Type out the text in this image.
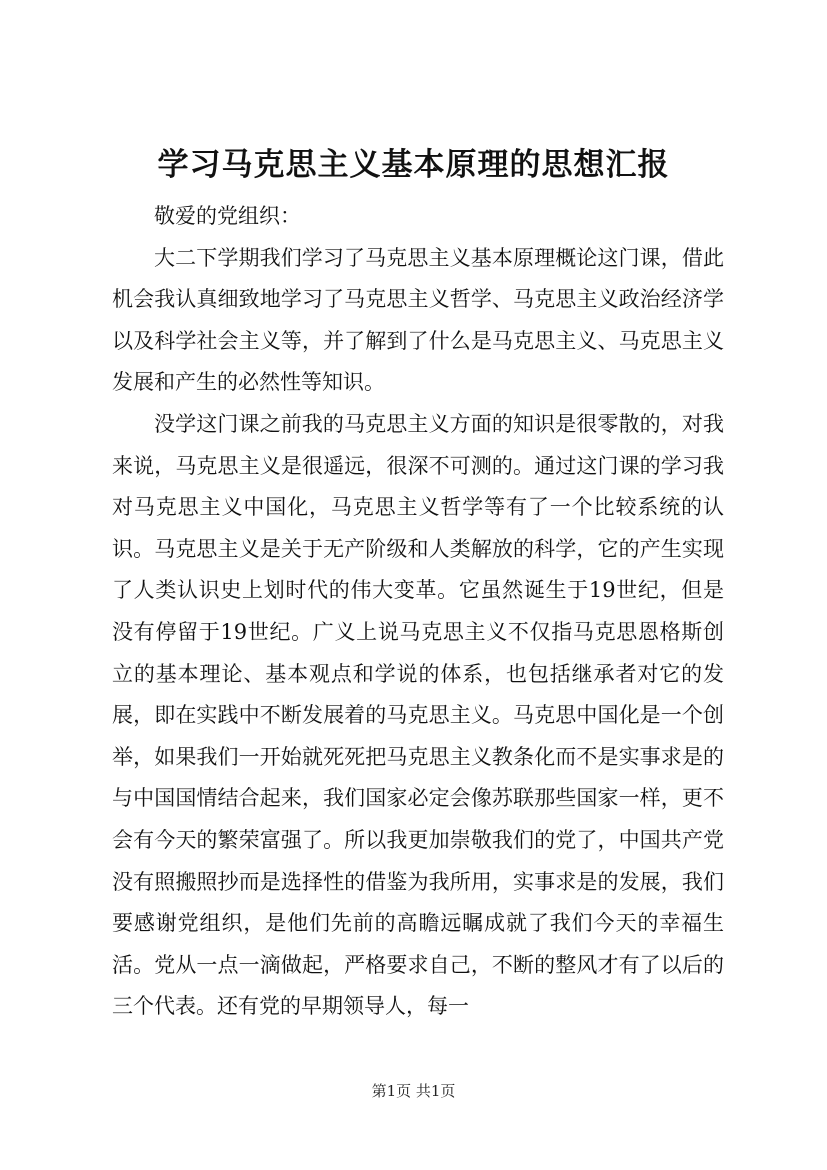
学习马克思主义基本原理的思想汇报

敬爱的党组织：

大二下学期我们学习了马克思主义基本原理概论这门课，借此机会我认真细致地学习了马克思主义哲学、马克思主义政治经济学以及科学社会主义等，并了解到了什么是马克思主义、马克思主义发展和产生的必然性等知识。

没学这门课之前我的马克思主义方面的知识是很零散的，对我来说，马克思主义是很遥远，很深不可测的。通过这门课的学习我对马克思主义中国化，马克思主义哲学等有了一个比较系统的认识。马克思主义是关于无产阶级和人类解放的科学，它的产生实现了人类认识史上划时代的伟大变革。它虽然诞生于19世纪，但是没有停留于19世纪。广义上说马克思主义不仅指马克思恩格斯创立的基本理论、基本观点和学说的体系，也包括继承者对它的发展，即在实践中不断发展着的马克思主义。马克思中国化是一个创举，如果我们一开始就死死把马克思主义教条化而不是实事求是的与中国国情结合起来，我们国家必定会像苏联那些国家一样，更不会有今天的繁荣富强了。所以我更加崇敬我们的党了，中国共产党没有照搬照抄而是选择性的借鉴为我所用，实事求是的发展，我们要感谢党组织，是他们先前的高瞻远瞩成就了我们今天的幸福生活。党从一点一滴做起，严格要求自己，不断的整风才有了以后的三个代表。还有党的早期领导人，每一

第1页 共1页
